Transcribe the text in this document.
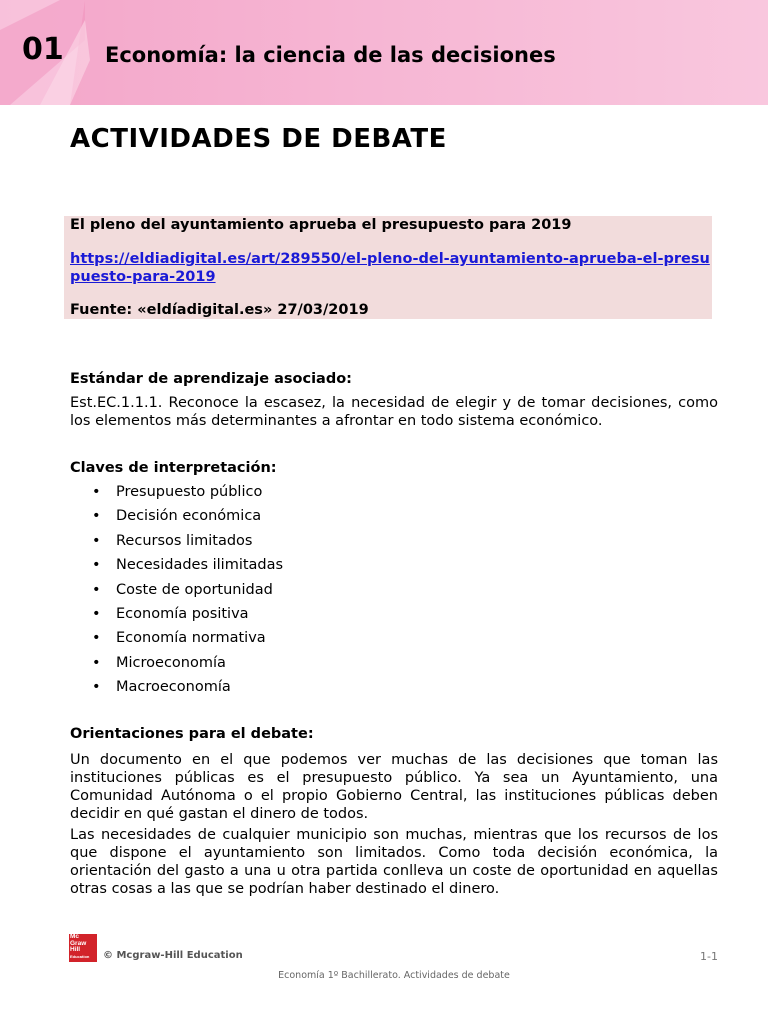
01 Economía: la ciencia de las decisiones
ACTIVIDADES DE DEBATE
El pleno del ayuntamiento aprueba el presupuesto para 2019
https://eldiadigital.es/art/289550/el-pleno-del-ayuntamiento-aprueba-el-presupuesto-para-2019
Fuente: «eldíadigital.es» 27/03/2019
Estándar de aprendizaje asociado:

Est.EC.1.1.1. Reconoce la escasez, la necesidad de elegir y de tomar decisiones, como los elementos más determinantes a afrontar en todo sistema económico.

Claves de interpretación:
• Presupuesto público
• Decisión económica
• Recursos limitados
• Necesidades ilimitadas
• Coste de oportunidad
• Economía positiva
• Economía normativa
• Microeconomía
• Macroeconomía
Orientaciones para el debate:

Un documento en el que podemos ver muchas de las decisiones que toman las instituciones públicas es el presupuesto público. Ya sea un Ayuntamiento, una Comunidad Autónoma o el propio Gobierno Central, las instituciones públicas deben decidir en qué gastan el dinero de todos.

Las necesidades de cualquier municipio son muchas, mientras que los recursos de los que dispone el ayuntamiento son limitados. Como toda decisión económica, la orientación del gasto a una u otra partida conlleva un coste de oportunidad en aquellas otras cosas a las que se podrían haber destinado el dinero.

Mc
Graw
Hill
Education	© Mcgraw-Hill Education	1-1
Economía 1º Bachillerato. Actividades de debate
